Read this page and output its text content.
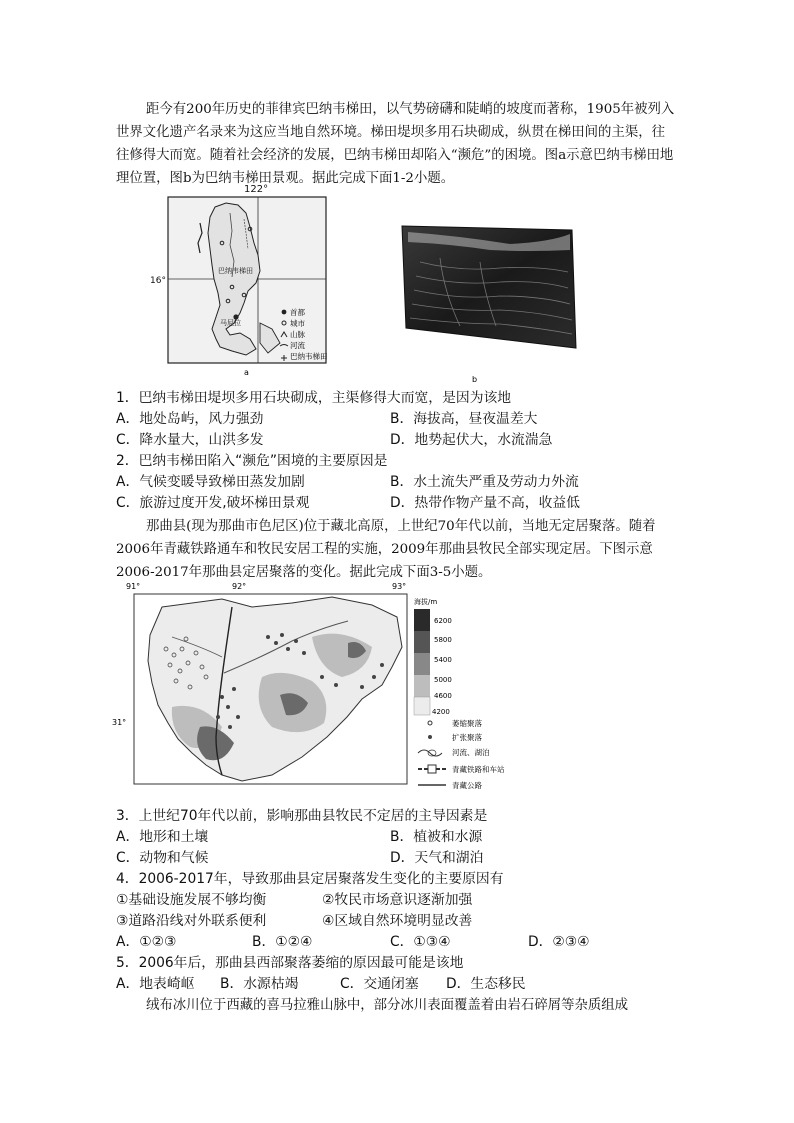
距今有200年历史的菲律宾巴纳韦梯田，以气势磅礴和陡峭的坡度而著称，1905年被列入世界文化遗产名录来为这应当地自然环境。梯田堤坝多用石块砌成，纵贯在梯田间的主渠，往往修得大而宽。随着社会经济的发展，巴纳韦梯田却陷入“濒危”的困境。图a示意巴纳韦梯田地理位置，图b为巴纳韦梯田景观。据此完成下面1-2小题。

巴纳韦梯田
马尼拉
122°
16°
首都
城市
山脉
河流
巴纳韦梯田
a
b
1．巴纳韦梯田堤坝多用石块砌成，主渠修得大而宽，是因为该地
A．地处岛屿，风力强劲	B．海拔高，昼夜温差大
C．降水量大，山洪多发	D．地势起伏大，水流湍急
2．巴纳韦梯田陷入“濒危”困境的主要原因是
A．气候变暖导致梯田蒸发加剧	B．水土流失严重及劳动力外流
C．旅游过度开发,破坏梯田景观	D．热带作物产量不高，收益低

那曲县(现为那曲市色尼区)位于藏北高原，上世纪70年代以前，当地无定居聚落。随着2006年青藏铁路通车和牧民安居工程的实施，2009年那曲县牧民全部实现定居。下图示意2006-2017年那曲县定居聚落的变化。据此完成下面3-5小题。

91°	92°	93°
31°
海拔/m
6200
5800
5400
5000
4600
4200
萎缩聚落
扩张聚落
河流、湖泊
青藏铁路和车站
青藏公路
3．上世纪70年代以前，影响那曲县牧民不定居的主导因素是
A．地形和土壤	B．植被和水源
C．动物和气候	D．天气和湖泊
4．2006-2017年，导致那曲县定居聚落发生变化的主要原因有
①基础设施发展不够均衡	②牧民市场意识逐渐加强
③道路沿线对外联系便利	④区域自然环境明显改善
A．①②③	B．①②④	C．①③④	D．②③④
5．2006年后，那曲县西部聚落萎缩的原因最可能是该地
A．地表崎岖 B．水源枯竭	C．交通闭塞 D．生态移民

绒布冰川位于西藏的喜马拉雅山脉中，部分冰川表面覆盖着由岩石碎屑等杂质组成
